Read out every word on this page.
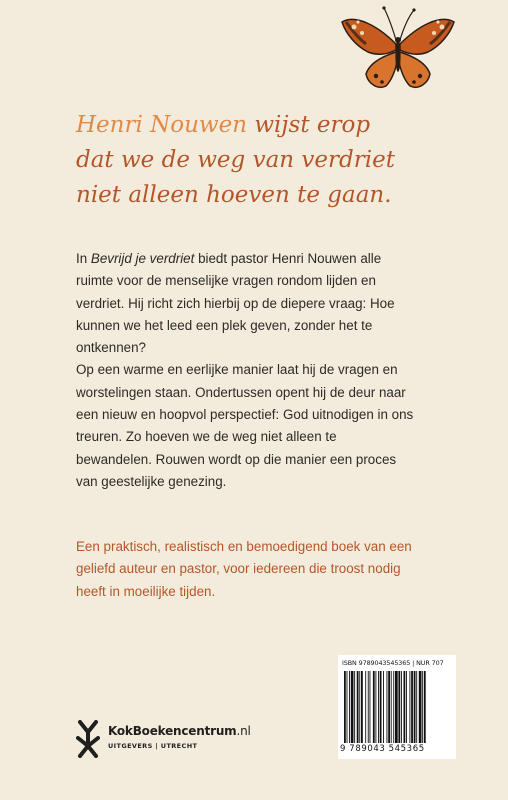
Henri Nouwen wijst erop
dat we de weg van verdriet
niet alleen hoeven te gaan.

In Bevrijd je verdriet biedt pastor Henri Nouwen alle ruimte voor de menselijke vragen rondom lijden en verdriet. Hij richt zich hierbij op de diepere vraag: Hoe kunnen we het leed een plek geven, zonder het te ontkennen?

Op een warme en eerlijke manier laat hij de vragen en worstelingen staan. Ondertussen opent hij de deur naar een nieuw en hoopvol perspectief: God uitnodigen in ons treuren. Zo hoeven we de weg niet alleen te bewandelen. Rouwen wordt op die manier een proces van geestelijke genezing.

Een praktisch, realistisch en bemoedigend boek van een geliefd auteur en pastor, voor iedereen die troost nodig heeft in moeilijke tijden.

KokBoekencentrum.nl
UITGEVERS | UTRECHT
ISBN 9789043545365 | NUR 707
9 789043 545365
